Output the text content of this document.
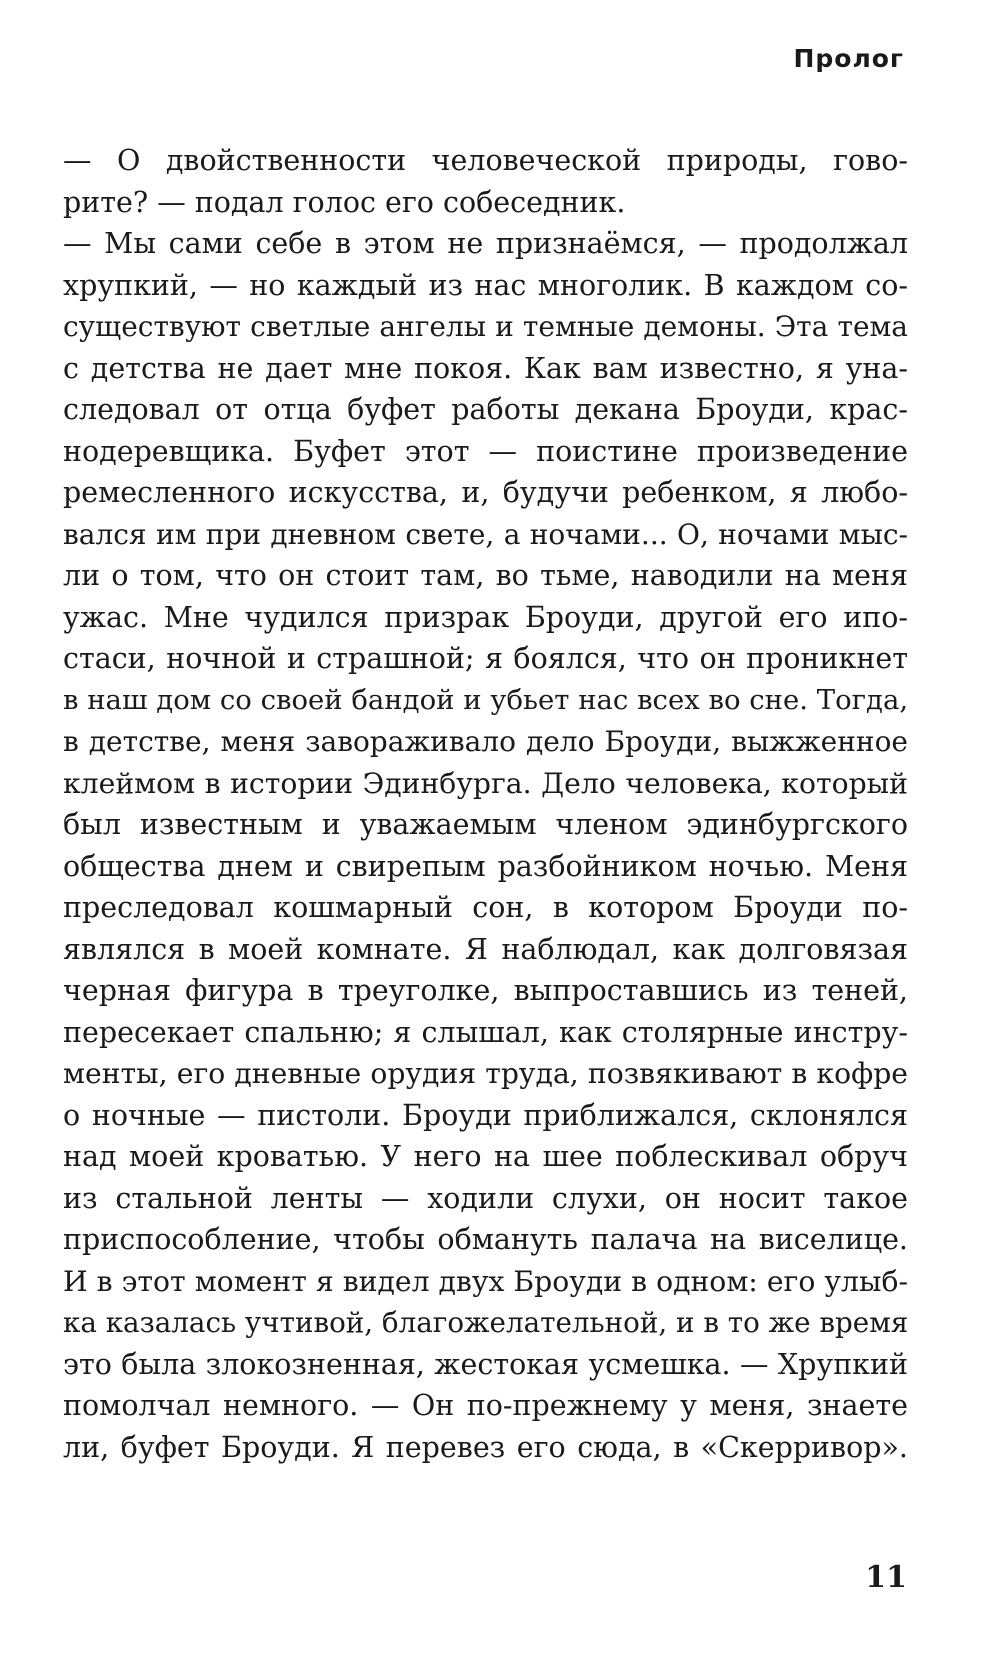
Пролог
— О двойственности человеческой природы, гово-
рите? — подал голос его собеседник.
— Мы сами себе в этом не признаёмся, — продолжал
хрупкий, — но каждый из нас многолик. В каждом со-
существуют светлые ангелы и темные демоны. Эта тема
с детства не дает мне покоя. Как вам известно, я уна-
следовал от отца буфет работы декана Броуди, крас-
нодеревщика. Буфет этот — поистине произведение
ремесленного искусства, и, будучи ребенком, я любо-
вался им при дневном свете, а ночами... О, ночами мыс-
ли о том, что он стоит там, во тьме, наводили на меня
ужас. Мне чудился призрак Броуди, другой его ипо-
стаси, ночной и страшной; я боялся, что он проникнет
в наш дом со своей бандой и убьет нас всех во сне. Тогда,
в детстве, меня завораживало дело Броуди, выжженное
клеймом в истории Эдинбурга. Дело человека, который
был известным и уважаемым членом эдинбургского
общества днем и свирепым разбойником ночью. Меня
преследовал кошмарный сон, в котором Броуди по-
являлся в моей комнате. Я наблюдал, как долговязая
черная фигура в треуголке, выпроставшись из теней,
пересекает спальню; я слышал, как столярные инстру-
менты, его дневные орудия труда, позвякивают в кофре
о ночные — пистоли. Броуди приближался, склонялся
над моей кроватью. У него на шее поблескивал обруч
из стальной ленты — ходили слухи, он носит такое
приспособление, чтобы обмануть палача на виселице.
И в этот момент я видел двух Броуди в одном: его улыб-
ка казалась учтивой, благожелательной, и в то же время
это была злокозненная, жестокая усмешка. — Хрупкий
помолчал немного. — Он по-прежнему у меня, знаете
ли, буфет Броуди. Я перевез его сюда, в «Скерривор».
11
